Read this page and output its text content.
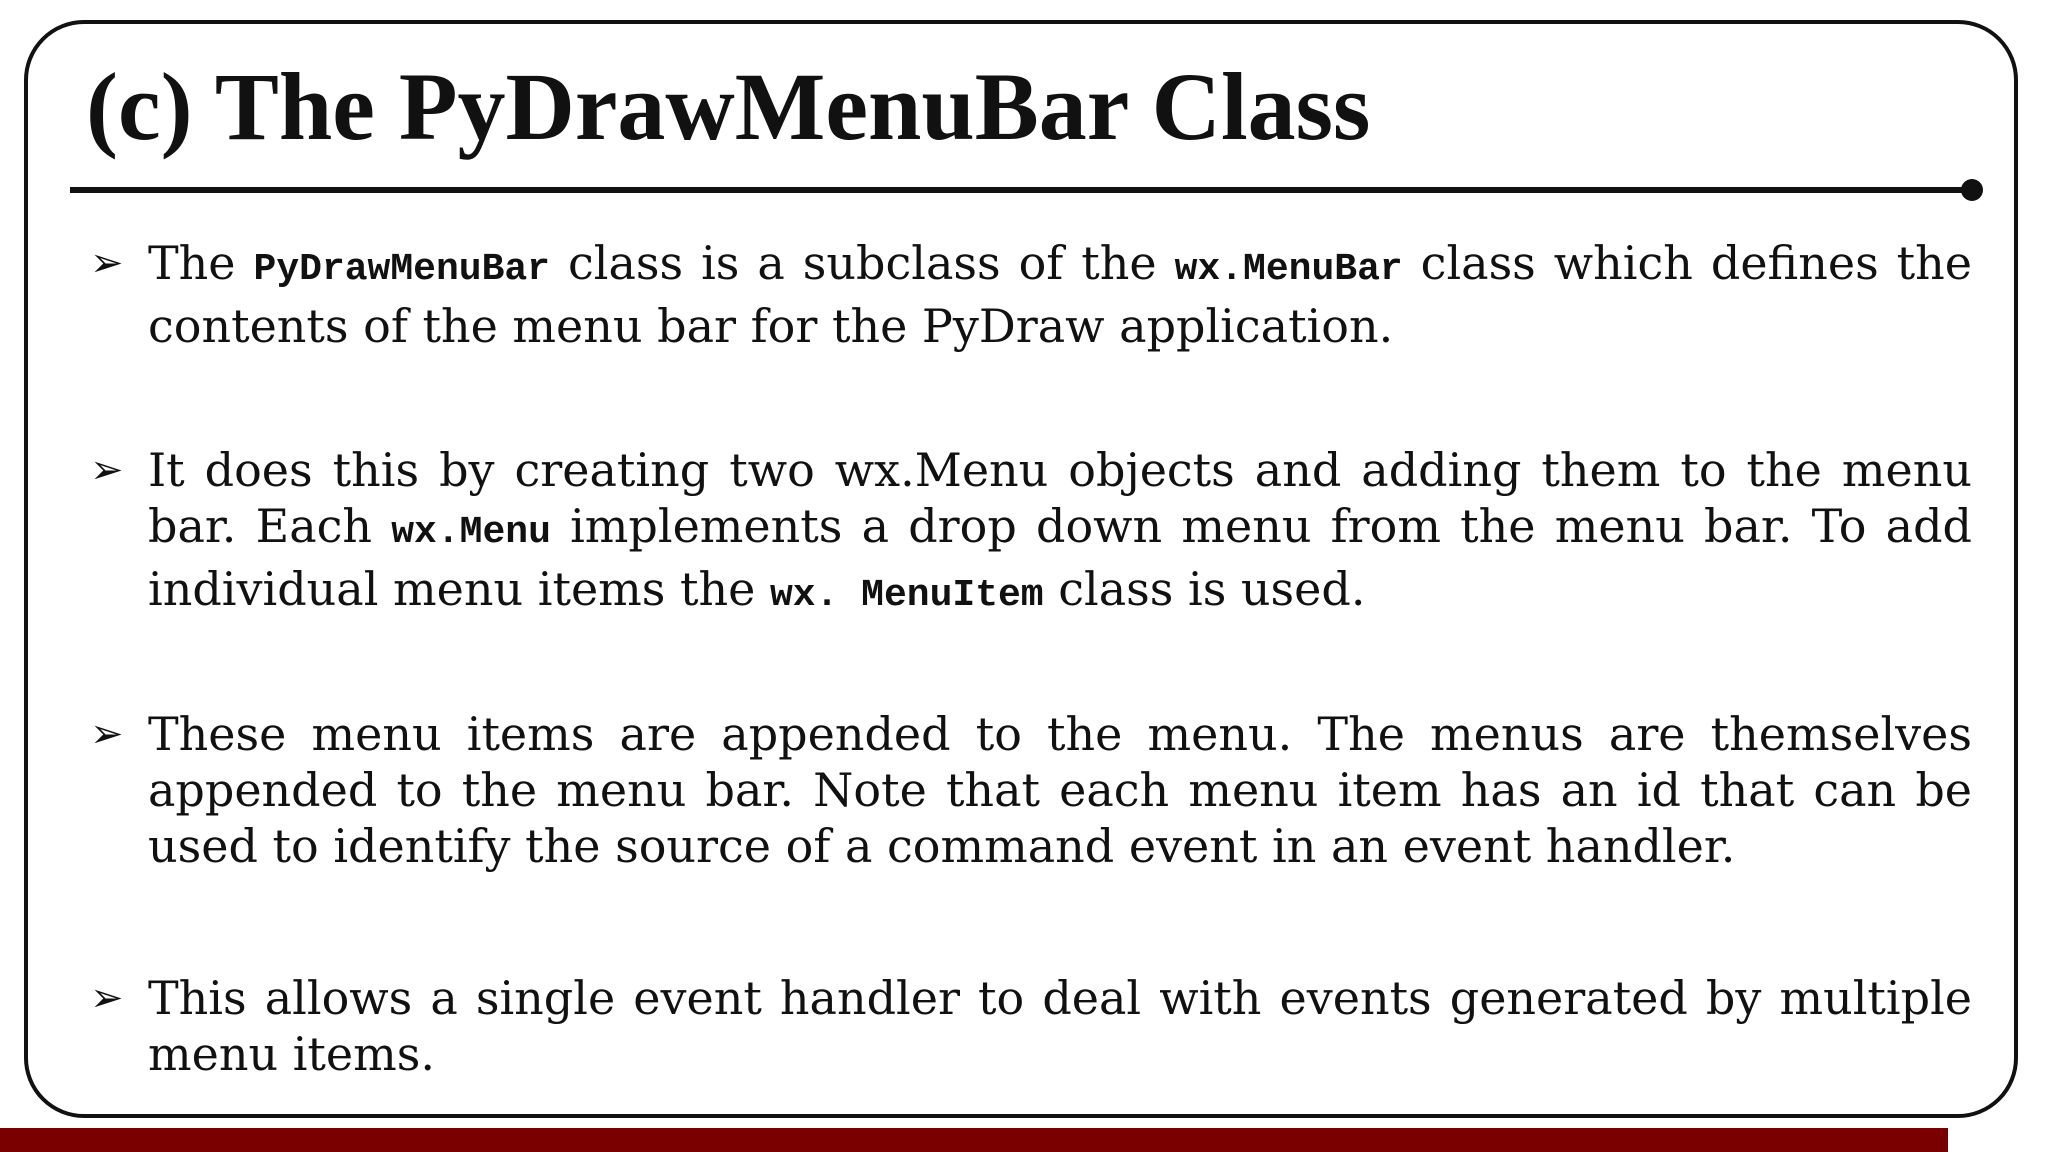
(c) The PyDrawMenuBar Class
➢ The PyDrawMenuBar class is a subclass of the wx.MenuBar class which defines the contents of the menu bar for the PyDraw application.
➢ It does this by creating two wx.Menu objects and adding them to the menu bar. Each wx.Menu implements a drop down menu from the menu bar. To add individual menu items the wx. MenuItem class is used.
➢ These menu items are appended to the menu. The menus are themselves appended to the menu bar. Note that each menu item has an id that can be used to identify the source of a command event in an event handler.
➢ This allows a single event handler to deal with events generated by multiple menu items.
